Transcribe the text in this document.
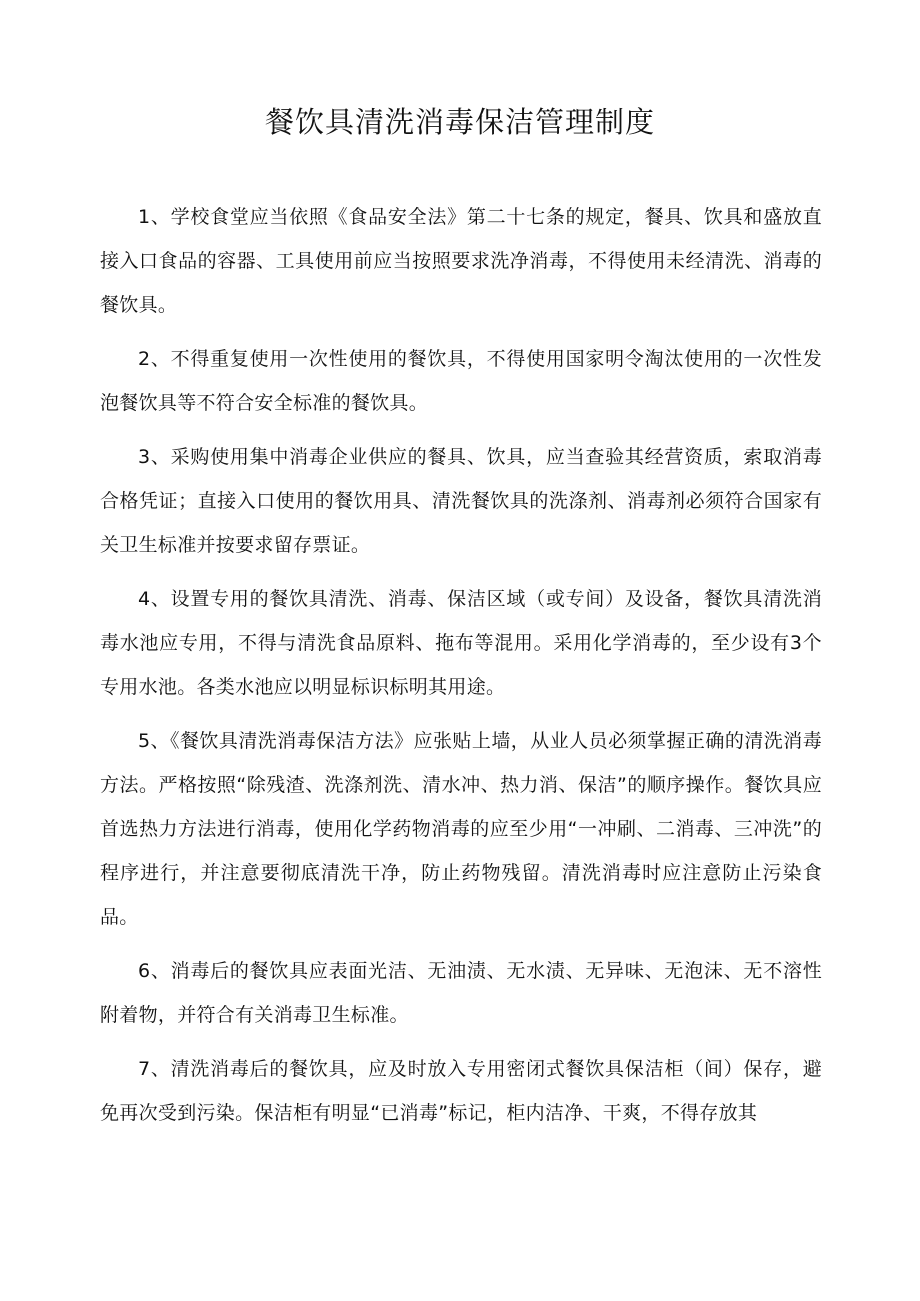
餐饮具清洗消毒保洁管理制度

1、学校食堂应当依照《食品安全法》第二十七条的规定，餐具、饮具和盛放直接入口食品的容器、工具使用前应当按照要求洗净消毒，不得使用未经清洗、消毒的餐饮具。

2、不得重复使用一次性使用的餐饮具，不得使用国家明令淘汰使用的一次性发泡餐饮具等不符合安全标准的餐饮具。

3、采购使用集中消毒企业供应的餐具、饮具，应当查验其经营资质，索取消毒合格凭证；直接入口使用的餐饮用具、清洗餐饮具的洗涤剂、消毒剂必须符合国家有关卫生标准并按要求留存票证。

4、设置专用的餐饮具清洗、消毒、保洁区域（或专间）及设备，餐饮具清洗消毒水池应专用，不得与清洗食品原料、拖布等混用。采用化学消毒的，至少设有3个专用水池。各类水池应以明显标识标明其用途。

5、《餐饮具清洗消毒保洁方法》应张贴上墙，从业人员必须掌握正确的清洗消毒方法。严格按照“除残渣、洗涤剂洗、清水冲、热力消、保洁”的顺序操作。餐饮具应首选热力方法进行消毒，使用化学药物消毒的应至少用“一冲刷、二消毒、三冲洗”的程序进行，并注意要彻底清洗干净，防止药物残留。清洗消毒时应注意防止污染食品。

6、消毒后的餐饮具应表面光洁、无油渍、无水渍、无异味、无泡沫、无不溶性附着物，并符合有关消毒卫生标准。

7、清洗消毒后的餐饮具，应及时放入专用密闭式餐饮具保洁柜（间）保存，避免再次受到污染。保洁柜有明显“已消毒”标记，柜内洁净、干爽，不得存放其
